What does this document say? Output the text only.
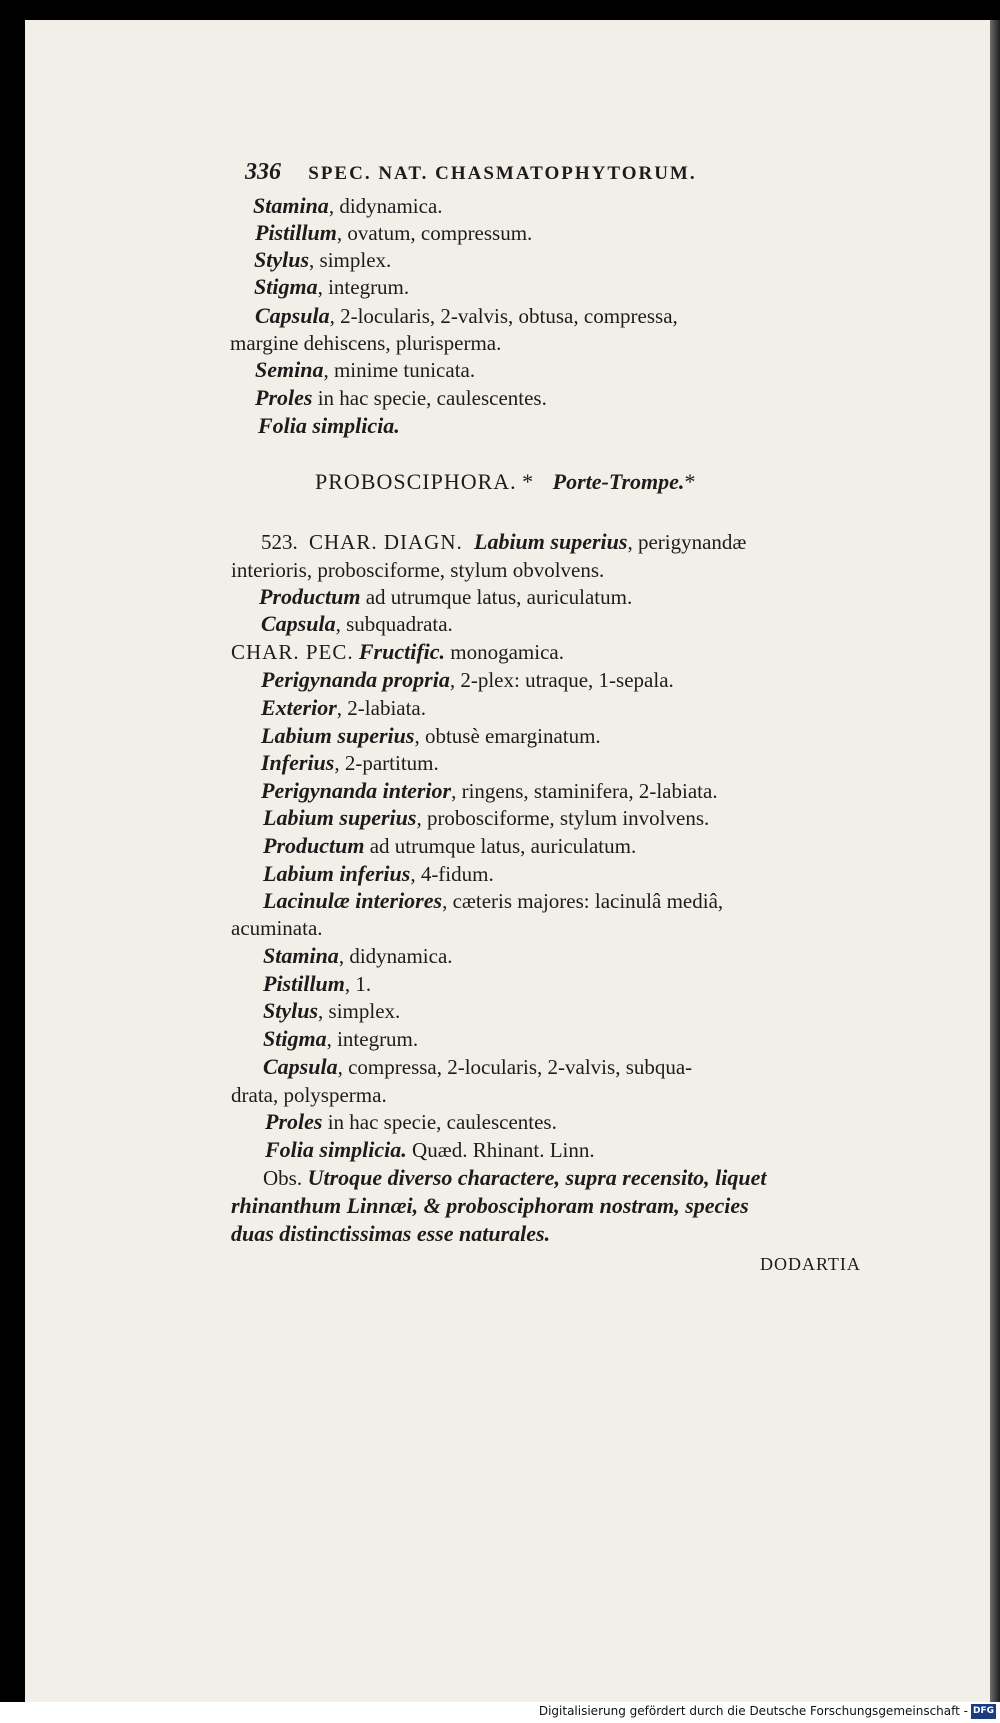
336 SPEC. NAT. CHASMATOPHYTORUM.
Stamina, didynamica.
Pistillum, ovatum, compressum.
Stylus, simplex.
Stigma, integrum.
Capsula, 2-locularis, 2-valvis, obtusa, compressa,
margine dehiscens, plurisperma.
Semina, minime tunicata.
Proles in hac specie, caulescentes.
Folia simplicia.
PROBOSCIPHORA. * Porte-Trompe.*
523. CHAR. DIAGN. Labium superius, perigynandæ
interioris, probosciforme, stylum obvolvens.
Productum ad utrumque latus, auriculatum.
Capsula, subquadrata.
CHAR. PEC. Fructific. monogamica.
Perigynanda propria, 2-plex: utraque, 1-sepala.
Exterior, 2-labiata.
Labium superius, obtusè emarginatum.
Inferius, 2-partitum.
Perigynanda interior, ringens, staminifera, 2-labiata.
Labium superius, probosciforme, stylum involvens.
Productum ad utrumque latus, auriculatum.
Labium inferius, 4-fidum.
Lacinulæ interiores, cæteris majores: lacinulâ mediâ,
acuminata.
Stamina, didynamica.
Pistillum, 1.
Stylus, simplex.
Stigma, integrum.
Capsula, compressa, 2-locularis, 2-valvis, subqua-
drata, polysperma.
Proles in hac specie, caulescentes.
Folia simplicia. Quæd. Rhinant. Linn.
Obs. Utroque diverso charactere, supra recensito, liquet
rhinanthum Linnæi, & probosciphoram nostram, species
duas distinctissimas esse naturales.
DODARTIA
Digitalisierung gefördert durch die Deutsche Forschungsgemeinschaft - DFG
